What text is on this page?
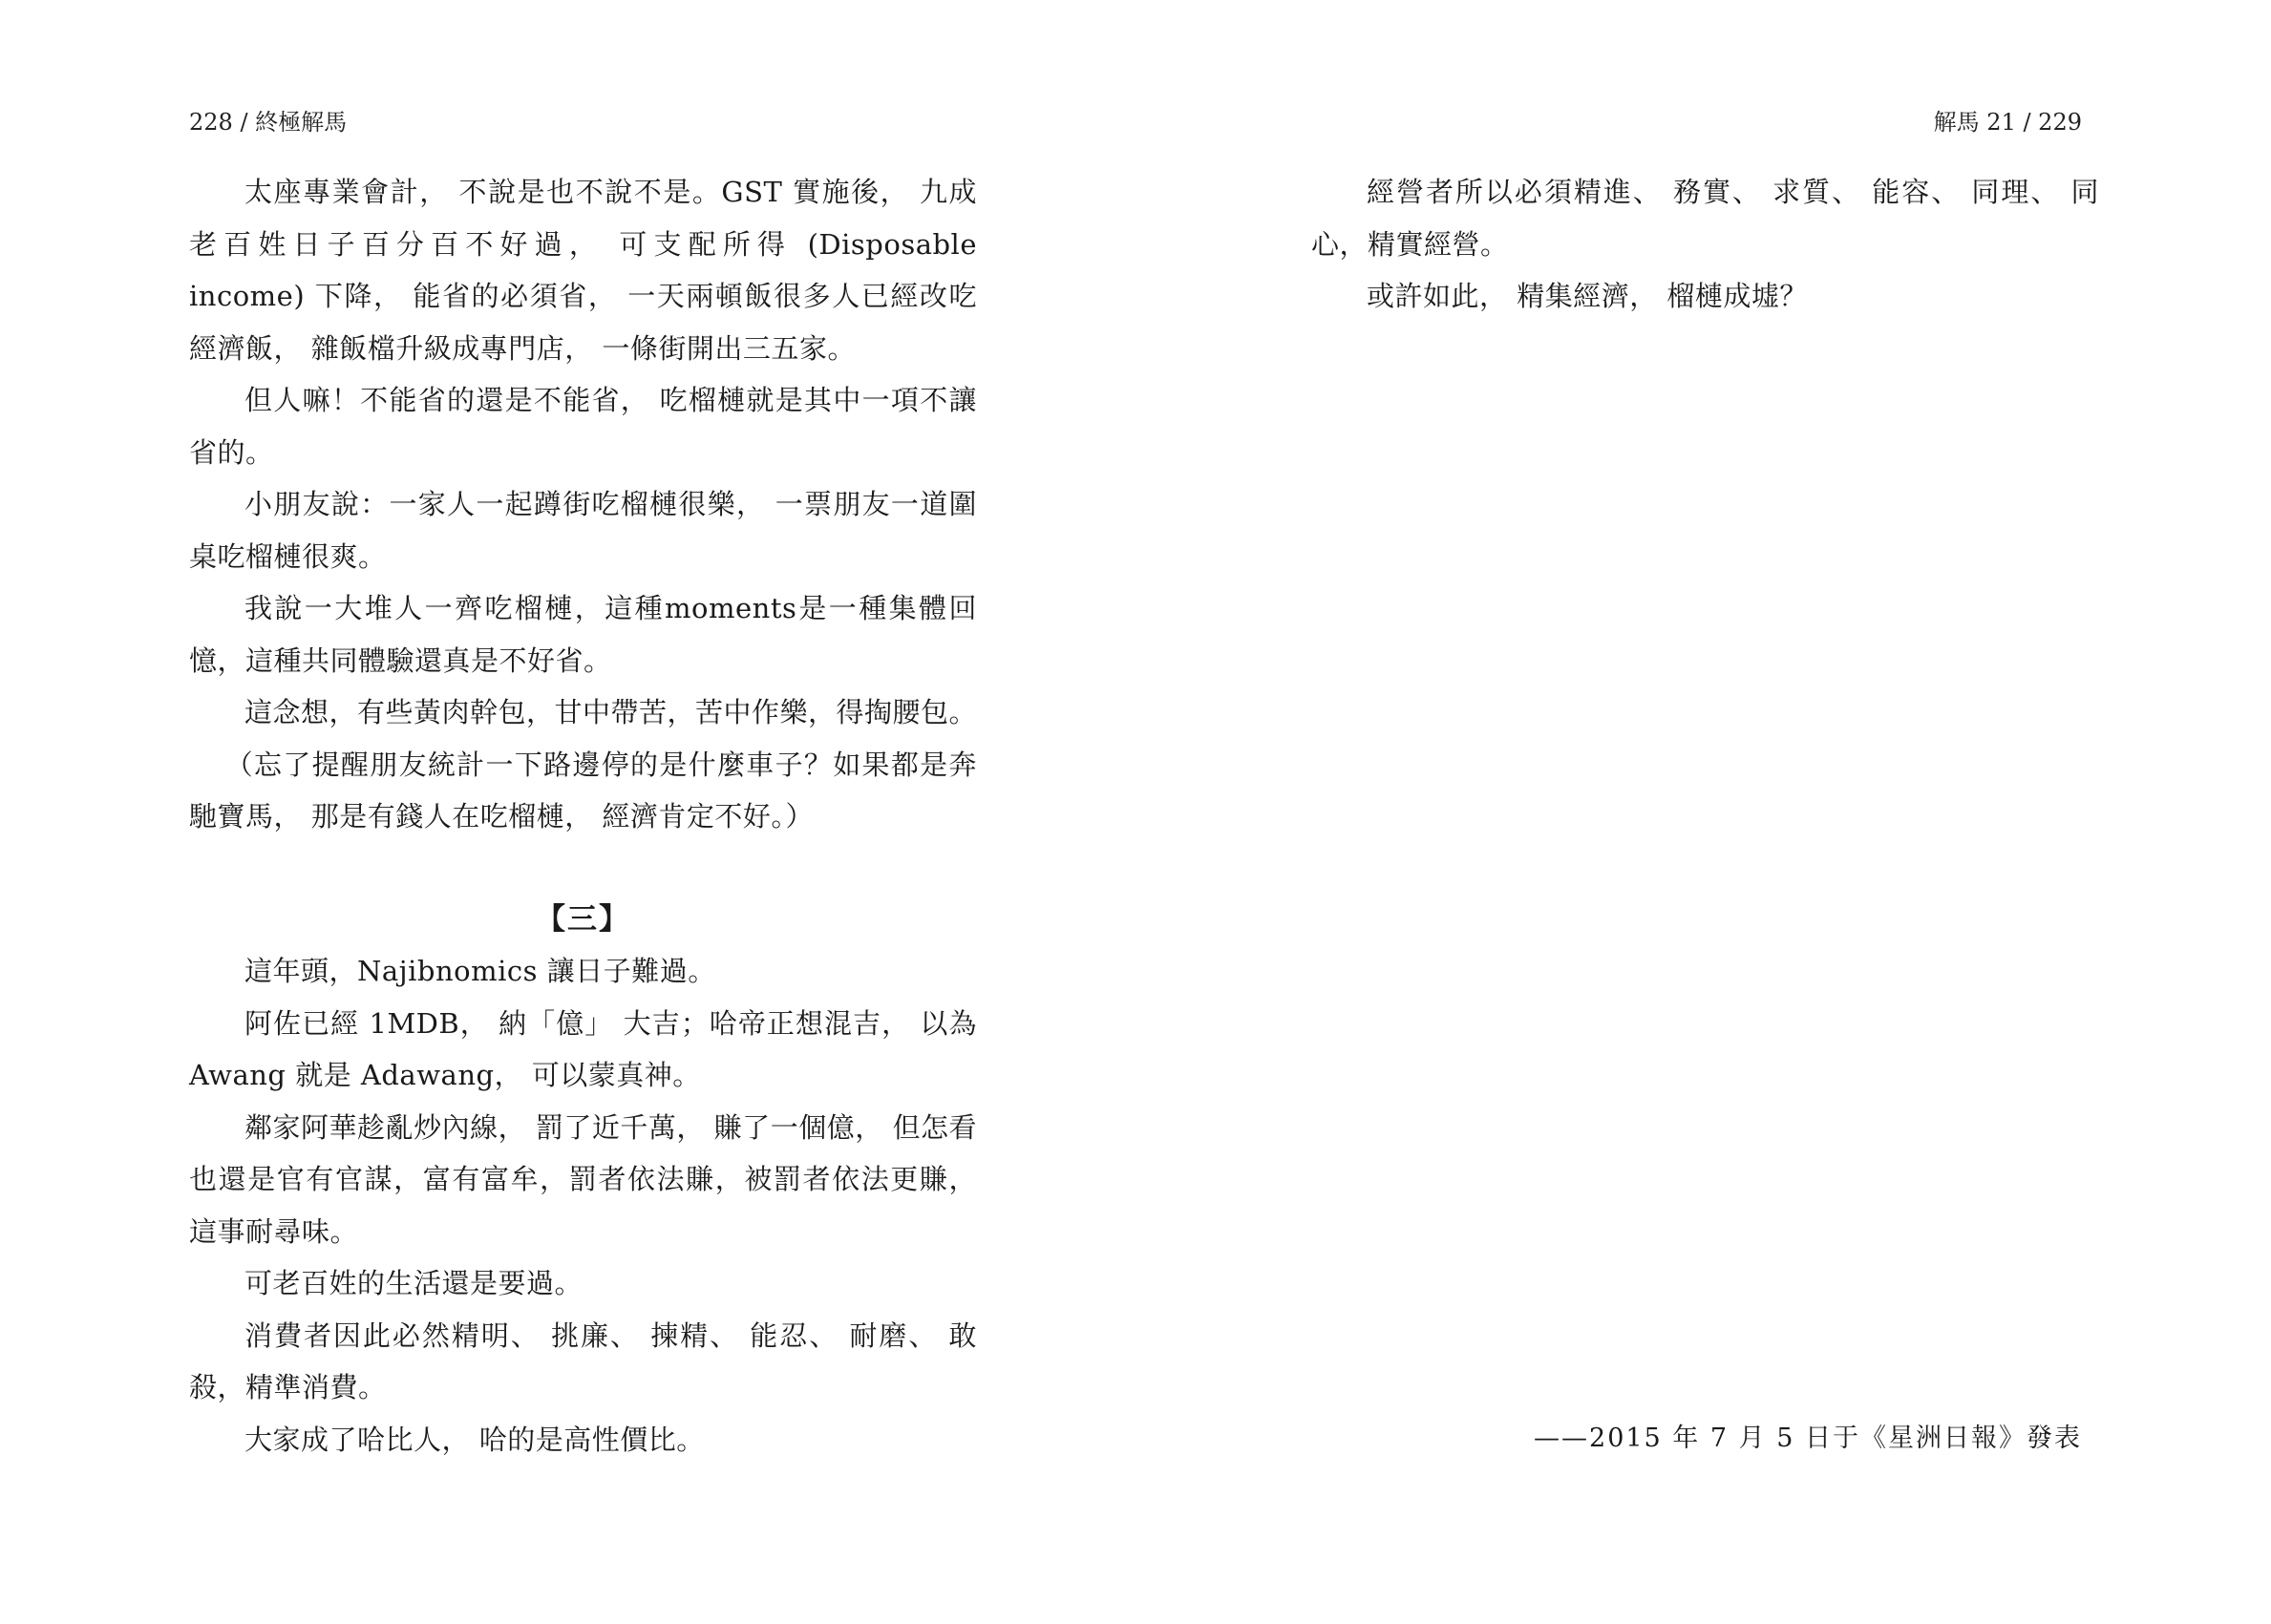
228 / 終極解馬

太座專業會計， 不說是也不說不是。GST 實施後， 九成老百姓日子百分百不好過， 可支配所得 (Disposable income) 下降， 能省的必須省， 一天兩頓飯很多人已經改吃經濟飯， 雜飯檔升級成專門店， 一條街開出三五家。

但人嘛！不能省的還是不能省， 吃榴槤就是其中一項不讓省的。

小朋友說：一家人一起蹲街吃榴槤很樂， 一票朋友一道圍桌吃榴槤很爽。

我說一大堆人一齊吃榴槤，這種moments是一種集體回憶，這種共同體驗還真是不好省。

這念想，有些黃肉幹包，甘中帶苦，苦中作樂，得掏腰包。

（忘了提醒朋友統計一下路邊停的是什麼車子？如果都是奔馳寶馬， 那是有錢人在吃榴槤， 經濟肯定不好。）

【三】

這年頭，Najibnomics 讓日子難過。

阿佐已經 1MDB， 納「億」 大吉；哈帝正想混吉， 以為 Awang 就是 Adawang， 可以蒙真神。

鄰家阿華趁亂炒內線， 罰了近千萬， 賺了一個億， 但怎看也還是官有官謀，富有富牟，罰者依法賺，被罰者依法更賺，這事耐尋味。

可老百姓的生活還是要過。

消費者因此必然精明、 挑廉、 揀精、 能忍、 耐磨、 敢殺，精準消費。

大家成了哈比人， 哈的是高性價比。

解馬 21 / 229

經營者所以必須精進、 務實、 求質、 能容、 同理、 同心，精實經營。

或許如此， 精集經濟， 榴槤成墟？

——2015 年 7 月 5 日于《星洲日報》發表
